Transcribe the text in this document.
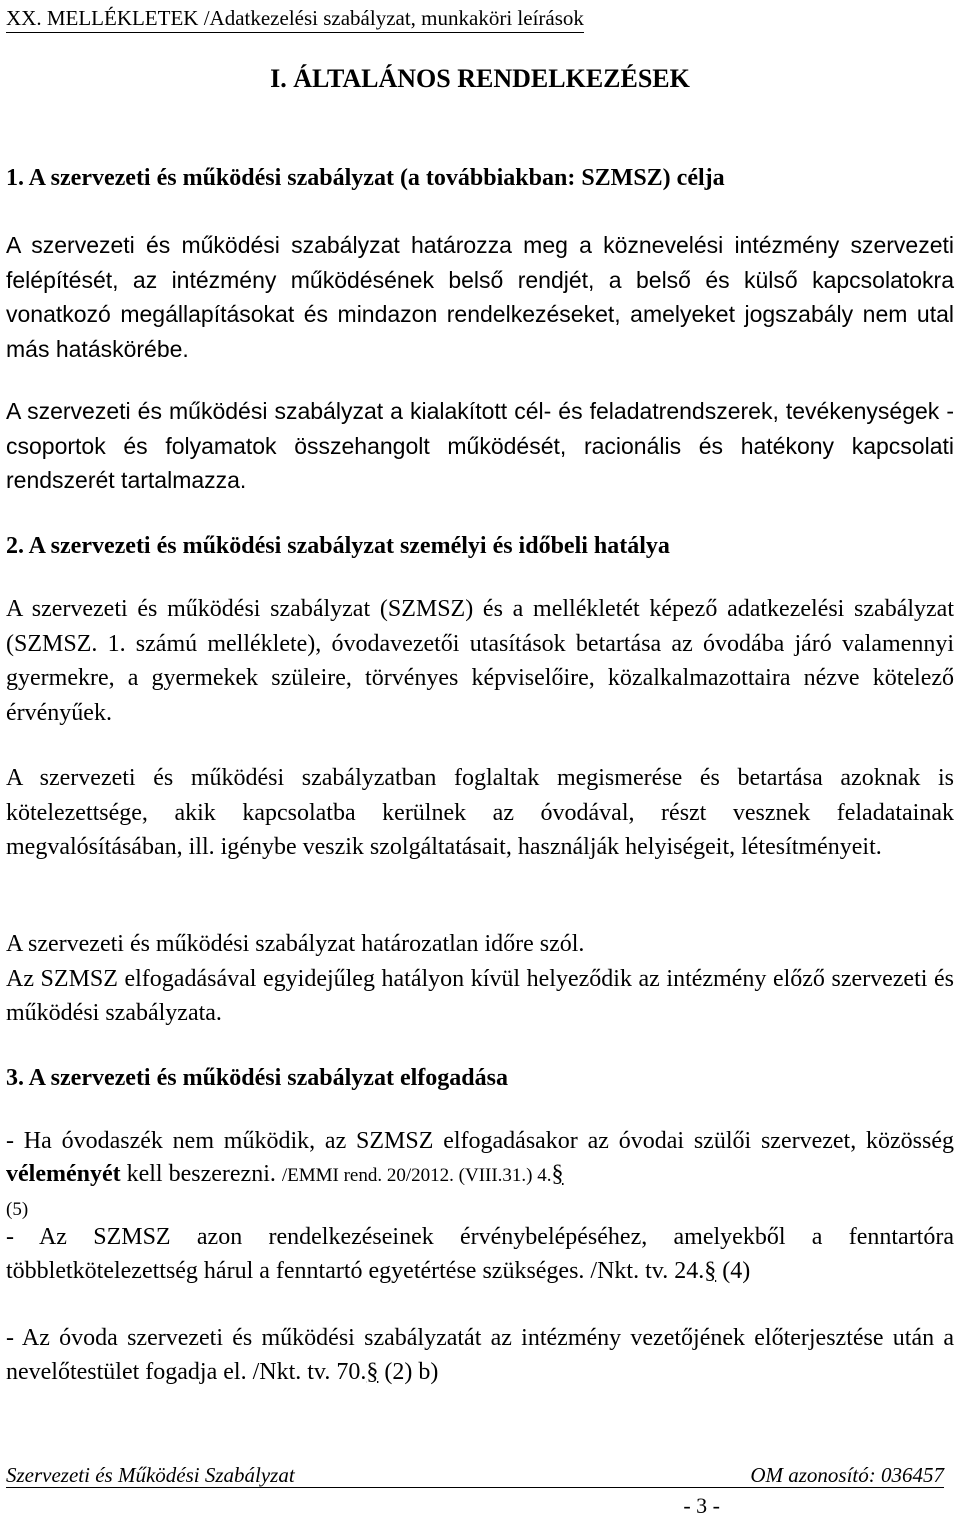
XX. MELLÉKLETEK /Adatkezelési szabályzat, munkaköri leírások
I. ÁLTALÁNOS RENDELKEZÉSEK
1. A szervezeti és működési szabályzat (a továbbiakban: SZMSZ) célja

A szervezeti és működési szabályzat határozza meg a köznevelési intézmény szervezeti felépítését, az intézmény működésének belső rendjét, a belső és külső kapcsolatokra vonatkozó megállapításokat és mindazon rendelkezéseket, amelyeket jogszabály nem utal más hatáskörébe.

A szervezeti és működési szabályzat a kialakított cél- és feladatrendszerek, tevékenységek - csoportok és folyamatok összehangolt működését, racionális és hatékony kapcsolati rendszerét tartalmazza.

2. A szervezeti és működési szabályzat személyi és időbeli hatálya

A szervezeti és működési szabályzat (SZMSZ) és a mellékletét képező adatkezelési szabályzat (SZMSZ. 1. számú melléklete), óvodavezetői utasítások betartása az óvodába járó valamennyi gyermekre, a gyermekek szüleire, törvényes képviselőire, közalkalmazottaira nézve kötelező érvényűek.

A szervezeti és működési szabályzatban foglaltak megismerése és betartása azoknak is kötelezettsége, akik kapcsolatba kerülnek az óvodával, részt vesznek feladatainak megvalósításában, ill. igénybe veszik szolgáltatásait, használják helyiségeit, létesítményeit.

A szervezeti és működési szabályzat határozatlan időre szól.
Az SZMSZ elfogadásával egyidejűleg hatályon kívül helyeződik az intézmény előző szervezeti és működési szabályzata.
3. A szervezeti és működési szabályzat elfogadása

- Ha óvodaszék nem működik, az SZMSZ elfogadásakor az óvodai szülői szervezet, közösség véleményét kell beszerezni. /EMMI rend. 20/2012. (VIII.31.) 4.§
(5)

- Az SZMSZ azon rendelkezéseinek érvénybelépéséhez, amelyekből a fenntartóra többletkötelezettség hárul a fenntartó egyetértése szükséges. /Nkt. tv. 24.§ (4)

- Az óvoda szervezeti és működési szabályzatát az intézmény vezetőjének előterjesztése után a nevelőtestület fogadja el. /Nkt. tv. 70.§ (2) b)

Szervezeti és Működési Szabályzat	OM azonosító: 036457
- 3 -
